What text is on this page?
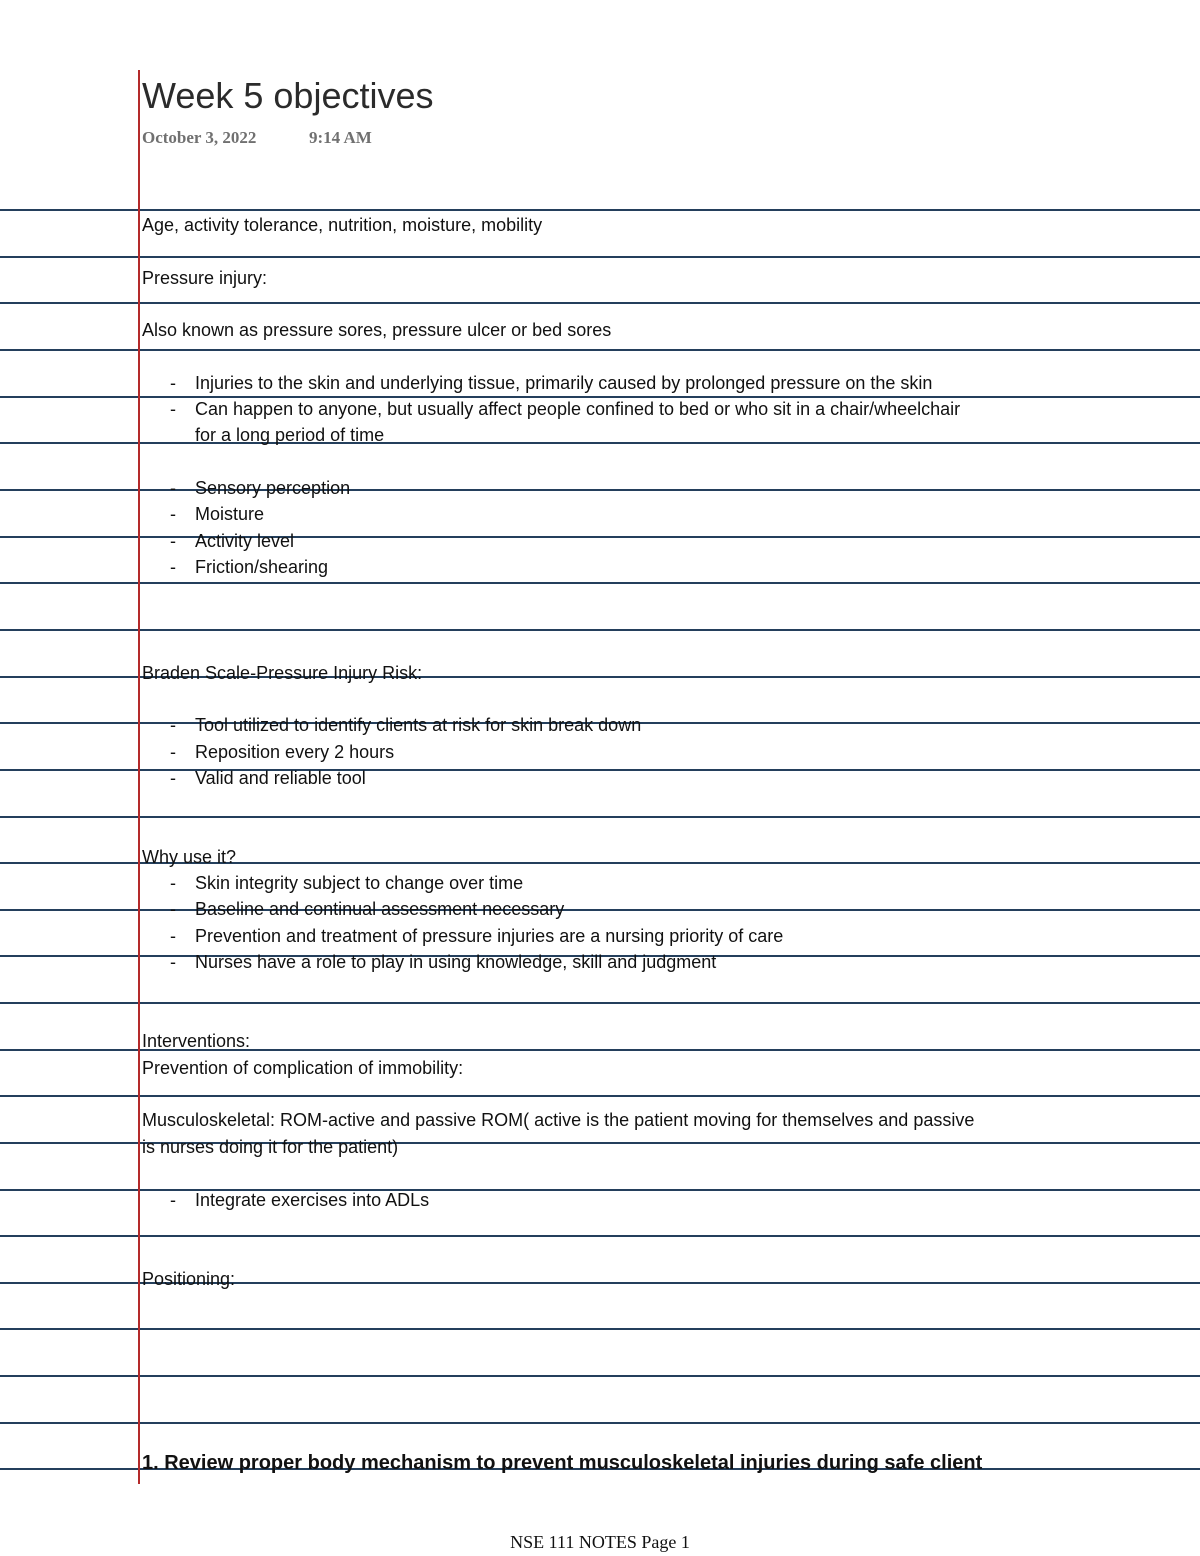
Week 5 objectives
October 3, 2022	9:14 AM
Age, activity tolerance, nutrition, moisture, mobility
Pressure injury:
Also known as pressure sores, pressure ulcer or bed sores
- Injuries to the skin and underlying tissue, primarily caused by prolonged pressure on the skin
- Can happen to anyone, but usually affect people confined to bed or who sit in a chair/wheelchair
for a long period of time
- Sensory perception
- Moisture
- Activity level
- Friction/shearing
Braden Scale-Pressure Injury Risk:
- Tool utilized to identify clients at risk for skin break down
- Reposition every 2 hours
- Valid and reliable tool
Why use it?
- Skin integrity subject to change over time
- Baseline and continual assessment necessary
- Prevention and treatment of pressure injuries are a nursing priority of care
- Nurses have a role to play in using knowledge, skill and judgment
Interventions:
Prevention of complication of immobility:
Musculoskeletal: ROM-active and passive ROM( active is the patient moving for themselves and passive
is nurses doing it for the patient)
- Integrate exercises into ADLs
Positioning:
1. Review proper body mechanism to prevent musculoskeletal injuries during safe client
NSE 111 NOTES Page 1
